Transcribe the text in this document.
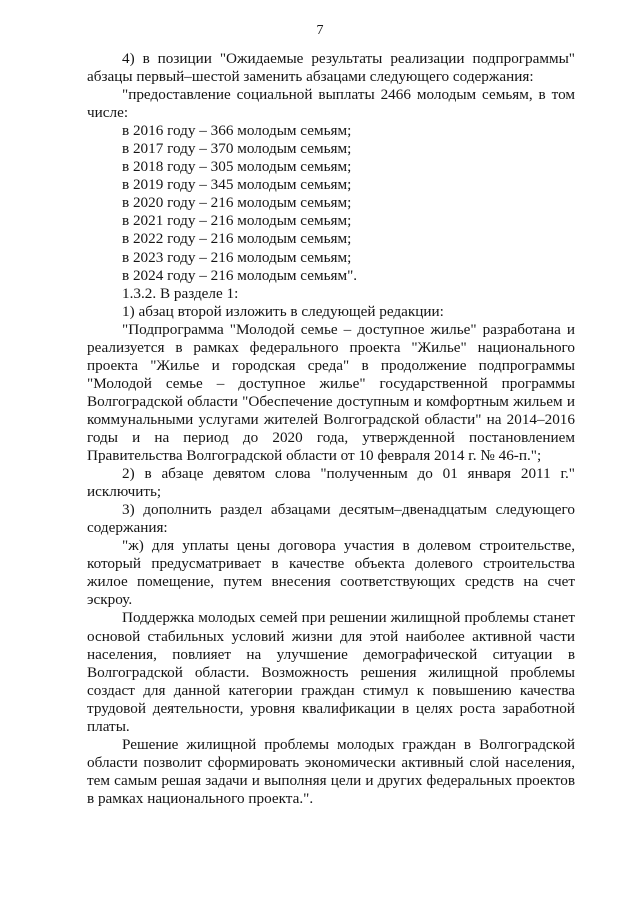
7

4) в позиции "Ожидаемые результаты реализации подпрограммы" абзацы первый–шестой заменить абзацами следующего содержания:

"предоставление социальной выплаты 2466 молодым семьям, в том числе:

в 2016 году – 366 молодым семьям;

в 2017 году – 370 молодым семьям;

в 2018 году – 305 молодым семьям;

в 2019 году – 345 молодым семьям;

в 2020 году – 216 молодым семьям;

в 2021 году – 216 молодым семьям;

в 2022 году – 216 молодым семьям;

в 2023 году – 216 молодым семьям;

в 2024 году – 216 молодым семьям".

1.3.2. В разделе 1:

1) абзац второй изложить в следующей редакции:

"Подпрограмма "Молодой семье – доступное жилье" разработана и реализуется в рамках федерального проекта "Жилье" национального проекта "Жилье и городская среда" в продолжение подпрограммы "Молодой семье – доступное жилье" государственной программы Волгоградской области "Обеспечение доступным и комфортным жильем и коммунальными услугами жителей Волгоградской области" на 2014–2016 годы и на период до 2020 года, утвержденной постановлением Правительства Волгоградской области от 10 февраля 2014 г. № 46-п.";

2) в абзаце девятом слова "полученным до 01 января 2011 г." исключить;

3) дополнить раздел абзацами десятым–двенадцатым следующего содержания:

"ж) для уплаты цены договора участия в долевом строительстве, который предусматривает в качестве объекта долевого строительства жилое помещение, путем внесения соответствующих средств на счет эскроу.

Поддержка молодых семей при решении жилищной проблемы станет основой стабильных условий жизни для этой наиболее активной части населения, повлияет на улучшение демографической ситуации в Волгоградской области. Возможность решения жилищной проблемы создаст для данной категории граждан стимул к повышению качества трудовой деятельности, уровня квалификации в целях роста заработной платы.

Решение жилищной проблемы молодых граждан в Волгоградской области позволит сформировать экономически активный слой населения, тем самым решая задачи и выполняя цели и других федеральных проектов в рамках национального проекта.".
